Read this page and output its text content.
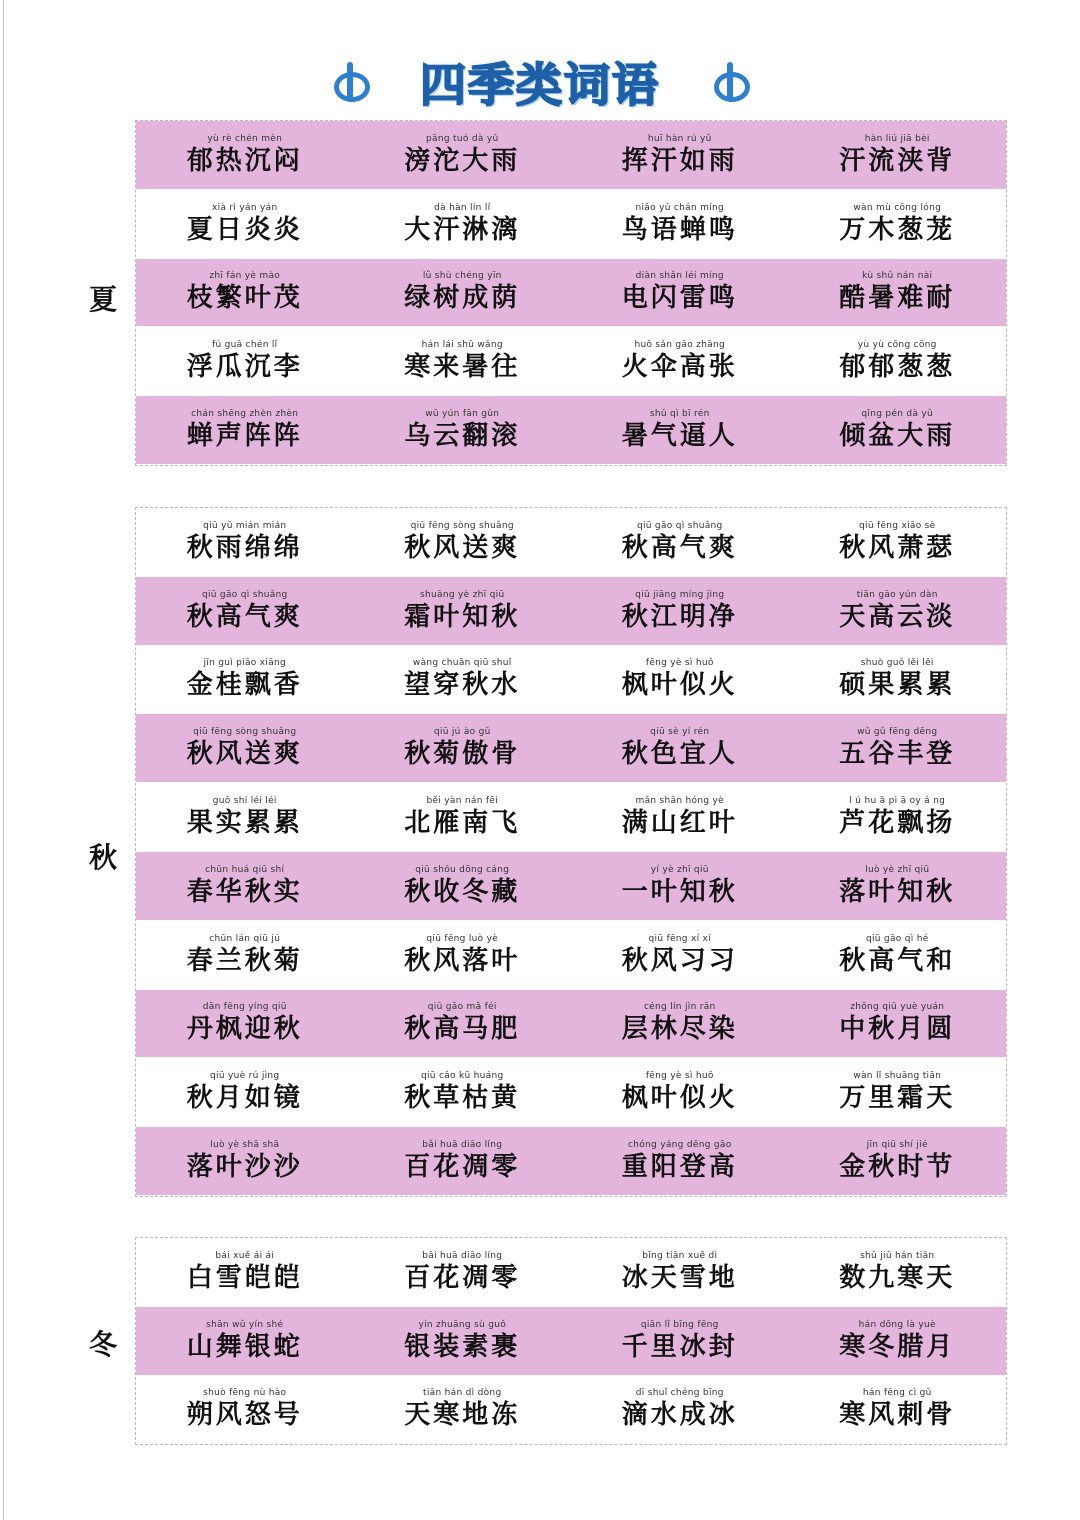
四季类词语
夏
yù rè chén mèn
郁热沉闷
pāng tuó dà yǔ
滂沱大雨
huī hàn rú yǔ
挥汗如雨
hàn liú jiā bèi
汗流浃背
xià rì yán yán
夏日炎炎
dà hàn lín lí
大汗淋漓
niǎo yǔ chán míng
鸟语蝉鸣
wàn mù cōng lóng
万木葱茏
zhī fán yè mào
枝繁叶茂
lǜ shù chéng yīn
绿树成荫
diàn shǎn léi míng
电闪雷鸣
kù shǔ nán nài
酷暑难耐
fú guā chén lǐ
浮瓜沉李
hán lái shǔ wǎng
寒来暑往
huǒ sǎn gāo zhāng
火伞高张
yù yù cōng cōng
郁郁葱葱
chán shēng zhèn zhèn
蝉声阵阵
wū yún fān gǔn
乌云翻滚
shǔ qì bī rén
暑气逼人
qīng pén dà yǔ
倾盆大雨
秋
qiū yǔ mián mián
秋雨绵绵
qiū fēng sòng shuǎng
秋风送爽
qiū gāo qì shuǎng
秋高气爽
qiū fēng xiāo sè
秋风萧瑟
qiū gāo qì shuǎng
秋高气爽
shuāng yè zhī qiū
霜叶知秋
qiū jiāng míng jìng
秋江明净
tiān gāo yún dàn
天高云淡
jīn guì piāo xiāng
金桂飘香
wàng chuān qiū shuǐ
望穿秋水
fēng yè sì huǒ
枫叶似火
shuò guǒ lěi lěi
硕果累累
qiū fēng sòng shuǎng
秋风送爽
qiū jú ào gǔ
秋菊傲骨
qiū sè yí rén
秋色宜人
wǔ gǔ fēng dēng
五谷丰登
guǒ shí léi léi
果实累累
běi yàn nán fēi
北雁南飞
mǎn shān hóng yè
满山红叶
l ú hu ā pi ā oy á ng
芦花飘扬
chūn huá qiū shí
春华秋实
qiū shōu dōng cáng
秋收冬藏
yí yè zhī qiū
一叶知秋
luò yè zhī qiū
落叶知秋
chūn lán qiū jú
春兰秋菊
qiū fēng luò yè
秋风落叶
qiū fēng xí xí
秋风习习
qiū gāo qì hé
秋高气和
dān fēng yíng qiū
丹枫迎秋
qiū gāo mǎ féi
秋高马肥
céng lín jìn rǎn
层林尽染
zhōng qiū yuè yuán
中秋月圆
qiū yuè rú jìng
秋月如镜
qiū cǎo kū huáng
秋草枯黄
fēng yè sì huǒ
枫叶似火
wàn lǐ shuāng tiān
万里霜天
luò yè shā shā
落叶沙沙
bǎi huā diāo líng
百花凋零
chóng yáng dēng gāo
重阳登高
jīn qiū shí jié
金秋时节
冬
bái xuě ái ái
白雪皑皑
bǎi huā diāo líng
百花凋零
bīng tiān xuě dì
冰天雪地
shǔ jiǔ hán tiān
数九寒天
shān wǔ yín shé
山舞银蛇
yín zhuāng sù guǒ
银装素裹
qiān lǐ bīng fēng
千里冰封
hán dōng là yuè
寒冬腊月
shuò fēng nù hào
朔风怒号
tiān hán dì dòng
天寒地冻
dī shuǐ chéng bīng
滴水成冰
hán fēng cì gǔ
寒风刺骨
